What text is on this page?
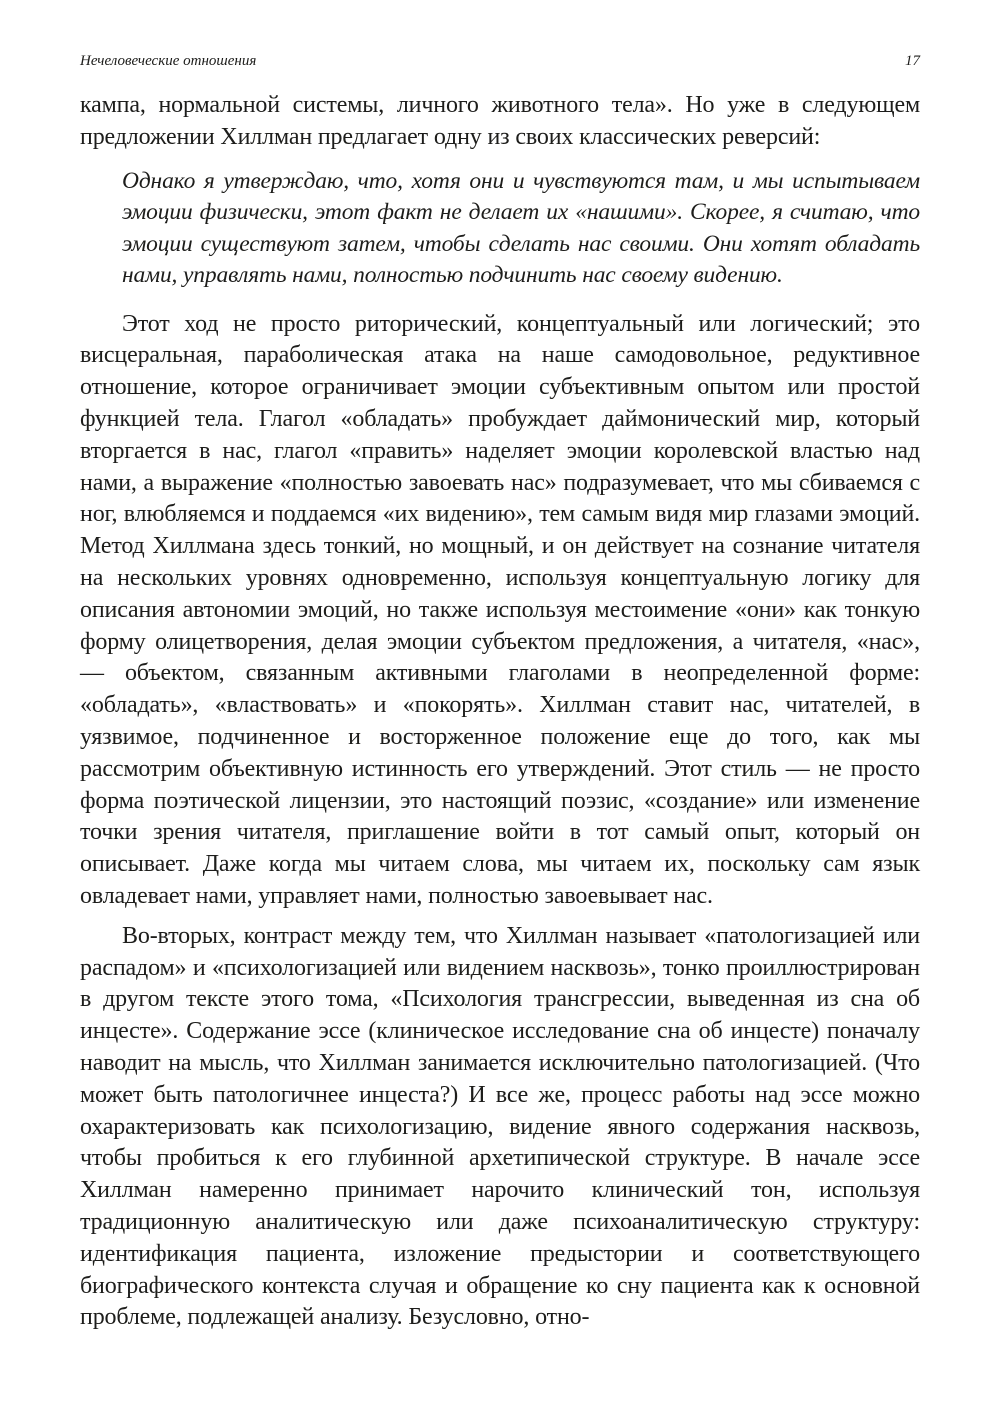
Нечеловеческие отношения	17

кампа, нормальной системы, личного животного тела». Но уже в следующем предложении Хиллман предлагает одну из своих классических реверсий:

Однако я утверждаю, что, хотя они и чувствуются там, и мы испытываем эмоции физически, этот факт не делает их «нашими». Скорее, я считаю, что эмоции существуют затем, чтобы сделать нас своими. Они хотят обладать нами, управлять нами, полностью подчинить нас своему видению.

Этот ход не просто риторический, концептуальный или логический; это висцеральная, параболическая атака на наше самодовольное, редуктивное отношение, которое ограничивает эмоции субъективным опытом или простой функцией тела. Глагол «обладать» пробуждает даймонический мир, который вторгается в нас, глагол «править» наделяет эмоции королевской властью над нами, а выражение «полностью завоевать нас» подразумевает, что мы сбиваемся с ног, влюбляемся и поддаемся «их видению», тем самым видя мир глазами эмоций. Метод Хиллмана здесь тонкий, но мощный, и он действует на сознание читателя на нескольких уровнях одновременно, используя концептуальную логику для описания автономии эмоций, но также используя местоимение «они» как тонкую форму олицетворения, делая эмоции субъектом предложения, а читателя, «нас», — объектом, связанным активными глаголами в неопределенной форме: «обладать», «властвовать» и «покорять». Хиллман ставит нас, читателей, в уязвимое, подчиненное и восторженное положение еще до того, как мы рассмотрим объективную истинность его утверждений. Этот стиль — не просто форма поэтической лицензии, это настоящий поэзис, «создание» или изменение точки зрения читателя, приглашение войти в тот самый опыт, который он описывает. Даже когда мы читаем слова, мы читаем их, поскольку сам язык овладевает нами, управляет нами, полностью завоевывает нас.

Во-вторых, контраст между тем, что Хиллман называет «патологизацией или распадом» и «психологизацией или видением насквозь», тонко проиллюстрирован в другом тексте этого тома, «Психология трансгрессии, выведенная из сна об инцесте». Содержание эссе (клиническое исследование сна об инцесте) поначалу наводит на мысль, что Хиллман занимается исключительно патологизацией. (Что может быть патологичнее инцеста?) И все же, процесс работы над эссе можно охарактеризовать как психологизацию, видение явного содержания насквозь, чтобы пробиться к его глубинной архетипической структуре. В начале эссе Хиллман намеренно принимает нарочито клинический тон, используя традиционную аналитическую или даже психоаналитическую структуру: идентификация пациента, изложение предыстории и соответствующего биографического контекста случая и обращение ко сну пациента как к основной проблеме, подлежащей анализу. Безусловно, отно-
